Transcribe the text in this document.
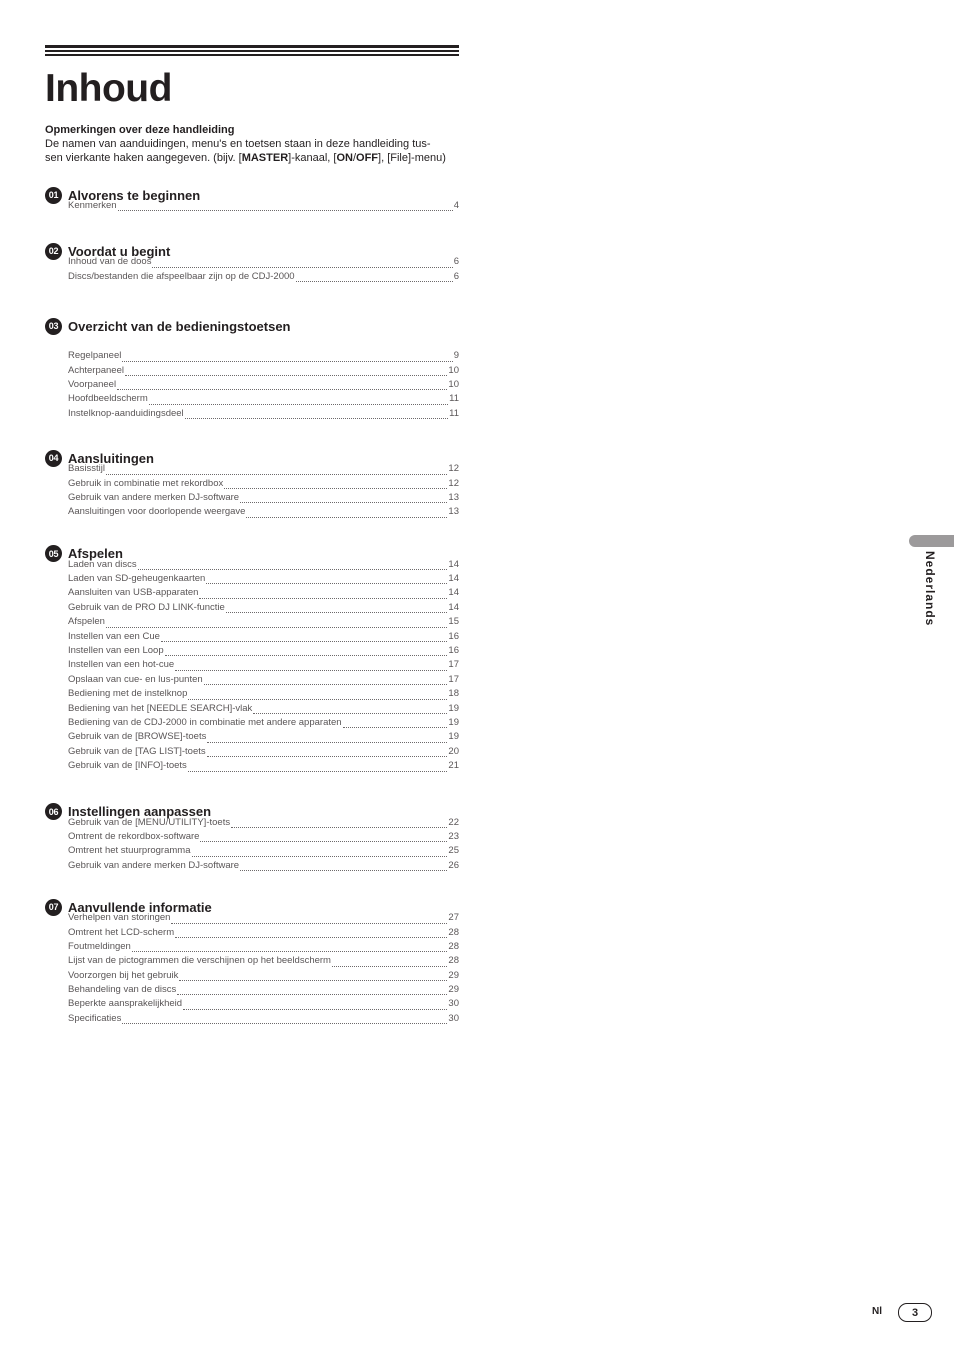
Inhoud

Opmerkingen over deze handleiding

De namen van aanduidingen, menu's en toetsen staan in deze handleiding tus-
sen vierkante haken aangegeven. (bijv. [MASTER]-kanaal, [ON/OFF], [File]-menu)

01 Alvorens te beginnen
Kenmerken	4
02 Voordat u begint
Inhoud van de doos	6
Discs/bestanden die afspeelbaar zijn op de CDJ-2000	6
03 Overzicht van de bedieningstoetsen
Regelpaneel	9
Achterpaneel	10
Voorpaneel	10
Hoofdbeeldscherm	11
Instelknop-aanduidingsdeel	11
04 Aansluitingen
Basisstijl	12
Gebruik in combinatie met rekordbox	12
Gebruik van andere merken DJ-software	13
Aansluitingen voor doorlopende weergave	13
05 Afspelen
Laden van discs	14
Laden van SD-geheugenkaarten	14
Aansluiten van USB-apparaten	14
Gebruik van de PRO DJ LINK-functie	14
Afspelen	15
Instellen van een Cue	16
Instellen van een Loop	16
Instellen van een hot-cue	17
Opslaan van cue- en lus-punten	17
Bediening met de instelknop	18
Bediening van het [NEEDLE SEARCH]-vlak	19
Bediening van de CDJ-2000 in combinatie met andere apparaten	19
Gebruik van de [BROWSE]-toets	19
Gebruik van de [TAG LIST]-toets	20
Gebruik van de [INFO]-toets	21
06 Instellingen aanpassen
Gebruik van de [MENU/UTILITY]-toets	22
Omtrent de rekordbox-software	23
Omtrent het stuurprogramma	25
Gebruik van andere merken DJ-software	26
07 Aanvullende informatie
Verhelpen van storingen	27
Omtrent het LCD-scherm	28
Foutmeldingen	28
Lijst van de pictogrammen die verschijnen op het beeldscherm	28
Voorzorgen bij het gebruik	29
Behandeling van de discs	29
Beperkte aansprakelijkheid	30
Specificaties	30
Nederlands
Nl	3
